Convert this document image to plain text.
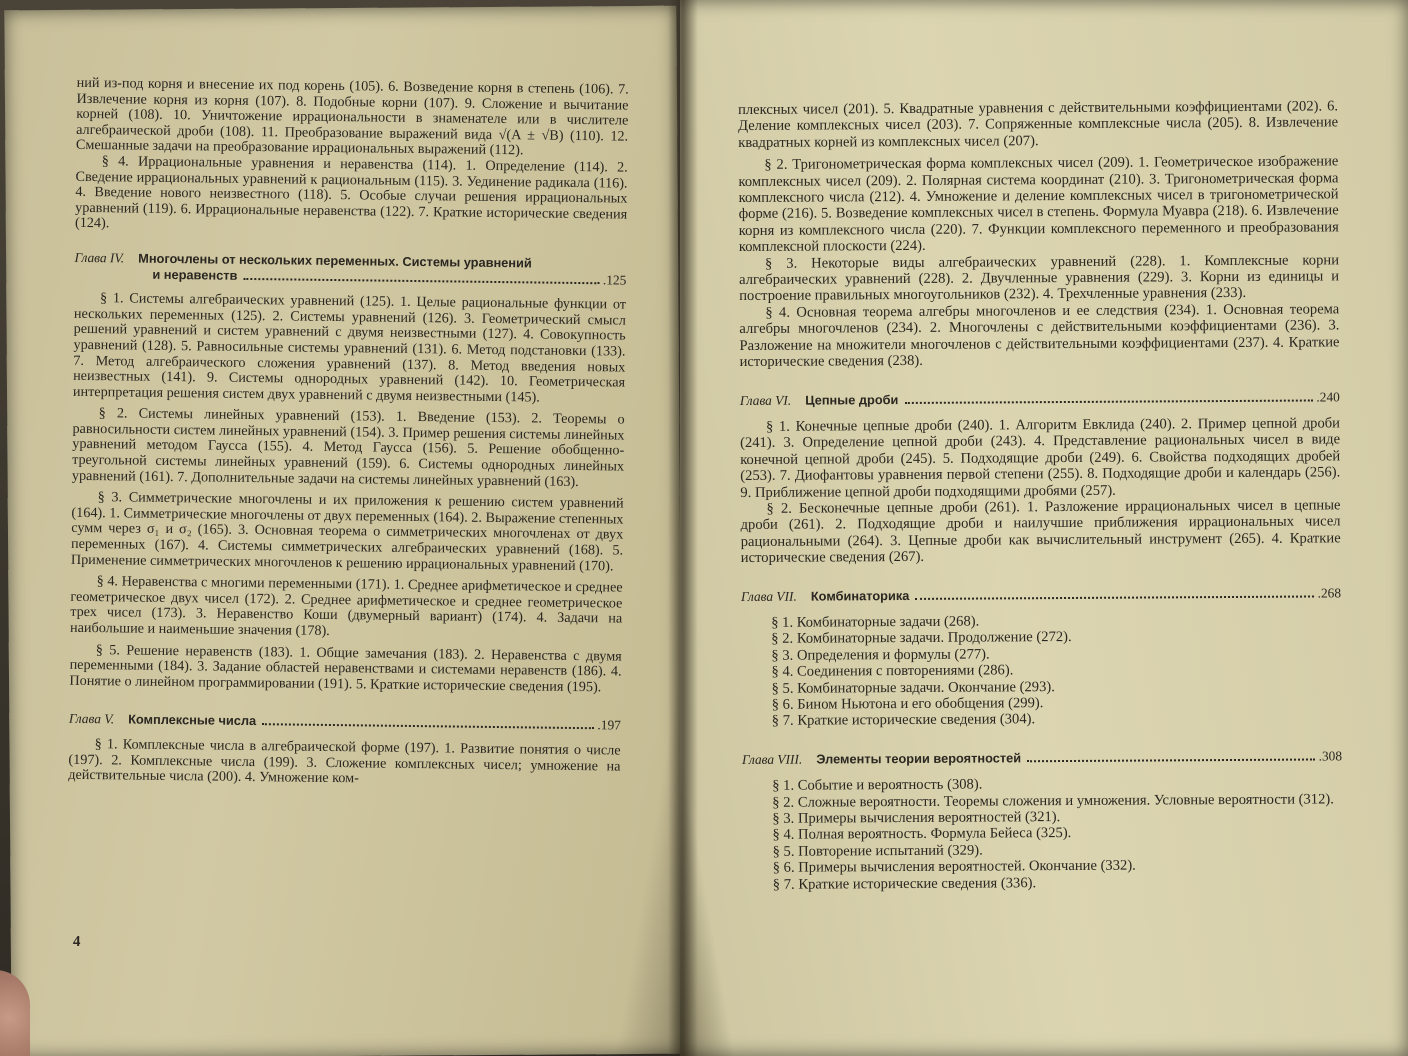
ний из-под корня и внесение их под корень (105). 6. Возведение корня в степень (106). 7. Извлечение корня из корня (107). 8. Подобные корни (107). 9. Сложение и вычитание корней (108). 10. Уничтожение иррациональности в знаменателе или в числителе алгебраической дроби (108). 11. Преобразование выражений вида √(A ± √B) (110). 12. Смешанные задачи на преобразование иррациональных выражений (112).

§ 4. Иррациональные уравнения и неравенства (114). 1. Определение (114). 2. Сведение иррациональных уравнений к рациональным (115). 3. Уединение радикала (116). 4. Введение нового неизвестного (118). 5. Особые случаи решения иррациональных уравнений (119). 6. Иррациональные неравенства (122). 7. Краткие исторические сведения (124).

Глава IV. Многочлены от нескольких переменных. Системы уравнений
и неравенств	.125

§ 1. Системы алгебраических уравнений (125). 1. Целые рациональные функции от нескольких переменных (125). 2. Системы уравнений (126). 3. Геометрический смысл решений уравнений и систем уравнений с двумя неизвестными (127). 4. Совокупность уравнений (128). 5. Равносильные системы уравнений (131). 6. Метод подстановки (133). 7. Метод алгебраического сложения уравнений (137). 8. Метод введения новых неизвестных (141). 9. Системы однородных уравнений (142). 10. Геометрическая интерпретация решения систем двух уравнений с двумя неизвестными (145).

§ 2. Системы линейных уравнений (153). 1. Введение (153). 2. Теоремы о равносильности систем линейных уравнений (154). 3. Пример решения системы линейных уравнений методом Гаусса (155). 4. Метод Гаусса (156). 5. Решение обобщенно-треугольной системы линейных уравнений (159). 6. Системы однородных линейных уравнений (161). 7. Дополнительные задачи на системы линейных уравнений (163).

§ 3. Симметрические многочлены и их приложения к решению систем уравнений (164). 1. Симметрические многочлены от двух переменных (164). 2. Выражение степенных сумм через σ₁ и σ₂ (165). 3. Основная теорема о симметрических многочленах от двух переменных (167). 4. Системы симметрических алгебраических уравнений (168). 5. Применение симметрических многочленов к решению иррациональных уравнений (170).

§ 4. Неравенства с многими переменными (171). 1. Среднее арифметическое и среднее геометрическое двух чисел (172). 2. Среднее арифметическое и среднее геометрическое трех чисел (173). 3. Неравенство Коши (двумерный вариант) (174). 4. Задачи на наибольшие и наименьшие значения (178).

§ 5. Решение неравенств (183). 1. Общие замечания (183). 2. Неравенства с двумя переменными (184). 3. Задание областей неравенствами и системами неравенств (186). 4. Понятие о линейном программировании (191). 5. Краткие исторические сведения (195).

Глава V. Комплексные числа	.197

§ 1. Комплексные числа в алгебраической форме (197). 1. Развитие понятия о числе (197). 2. Комплексные числа (199). 3. Сложение комплексных чисел; умножение на действительные числа (200). 4. Умножение ком-

4

плексных чисел (201). 5. Квадратные уравнения с действительными коэффициентами (202). 6. Деление комплексных чисел (203). 7. Сопряженные комплексные числа (205). 8. Извлечение квадратных корней из комплексных чисел (207).

§ 2. Тригонометрическая форма комплексных чисел (209). 1. Геометрическое изображение комплексных чисел (209). 2. Полярная система координат (210). 3. Тригонометрическая форма комплексного числа (212). 4. Умножение и деление комплексных чисел в тригонометрической форме (216). 5. Возведение комплексных чисел в степень. Формула Муавра (218). 6. Извлечение корня из комплексного числа (220). 7. Функции комплексного переменного и преобразования комплексной плоскости (224).

§ 3. Некоторые виды алгебраических уравнений (228). 1. Комплексные корни алгебраических уравнений (228). 2. Двучленные уравнения (229). 3. Корни из единицы и построение правильных многоугольников (232). 4. Трехчленные уравнения (233).

§ 4. Основная теорема алгебры многочленов и ее следствия (234). 1. Основная теорема алгебры многочленов (234). 2. Многочлены с действительными коэффициентами (236). 3. Разложение на множители многочленов с действительными коэффициентами (237). 4. Краткие исторические сведения (238).

Глава VI. Цепные дроби	.240

§ 1. Конечные цепные дроби (240). 1. Алгоритм Евклида (240). 2. Пример цепной дроби (241). 3. Определение цепной дроби (243). 4. Представление рациональных чисел в виде конечной цепной дроби (245). 5. Подходящие дроби (249). 6. Свойства подходящих дробей (253). 7. Диофантовы уравнения первой степени (255). 8. Подходящие дроби и календарь (256). 9. Приближение цепной дроби подходящими дробями (257).

§ 2. Бесконечные цепные дроби (261). 1. Разложение иррациональных чисел в цепные дроби (261). 2. Подходящие дроби и наилучшие приближения иррациональных чисел рациональными (264). 3. Цепные дроби как вычислительный инструмент (265). 4. Краткие исторические сведения (267).

Глава VII. Комбинаторика	.268

§ 1. Комбинаторные задачи (268).

§ 2. Комбинаторные задачи. Продолжение (272).

§ 3. Определения и формулы (277).

§ 4. Соединения с повторениями (286).

§ 5. Комбинаторные задачи. Окончание (293).

§ 6. Бином Ньютона и его обобщения (299).

§ 7. Краткие исторические сведения (304).

Глава VIII. Элементы теории вероятностей	.308

§ 1. Событие и вероятность (308).

§ 2. Сложные вероятности. Теоремы сложения и умножения. Условные вероятности (312).

§ 3. Примеры вычисления вероятностей (321).

§ 4. Полная вероятность. Формула Бейеса (325).

§ 5. Повторение испытаний (329).

§ 6. Примеры вычисления вероятностей. Окончание (332).

§ 7. Краткие исторические сведения (336).
